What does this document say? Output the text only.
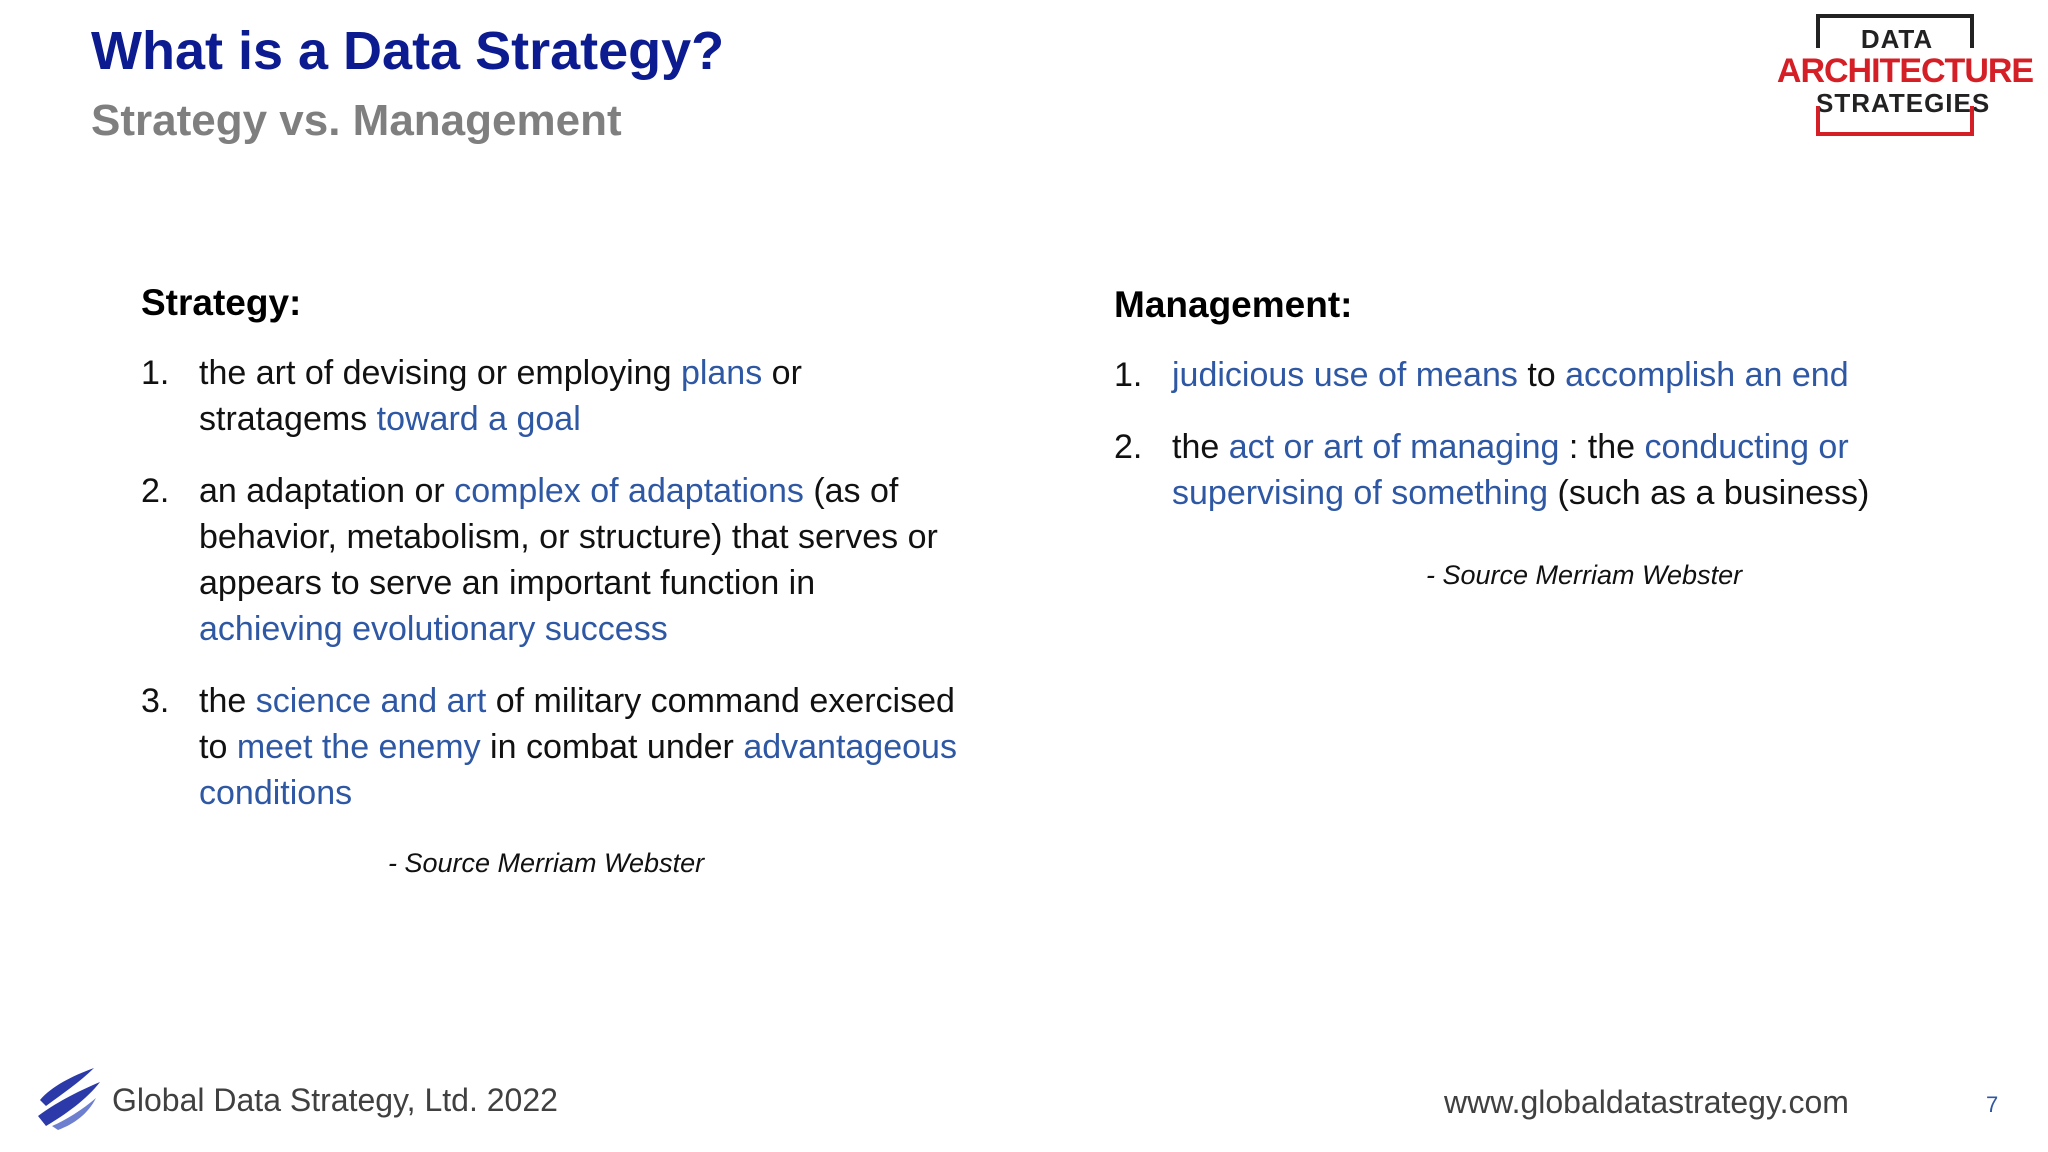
What is a Data Strategy?
Strategy vs. Management
DATA
ARCHITECTURE
STRATEGIES
Strategy:
1. the art of devising or employing plans or stratagems toward a goal
2. an adaptation or complex of adaptations (as of behavior, metabolism, or structure) that serves or appears to serve an important function in achieving evolutionary success
3. the science and art of military command exercised to meet the enemy in combat under advantageous conditions
- Source Merriam Webster
Management:
1. judicious use of means to accomplish an end
2. the act or art of managing : the conducting or supervising of something (such as a business)
- Source Merriam Webster
Global Data Strategy, Ltd. 2022	www.globaldatastrategy.com	7
